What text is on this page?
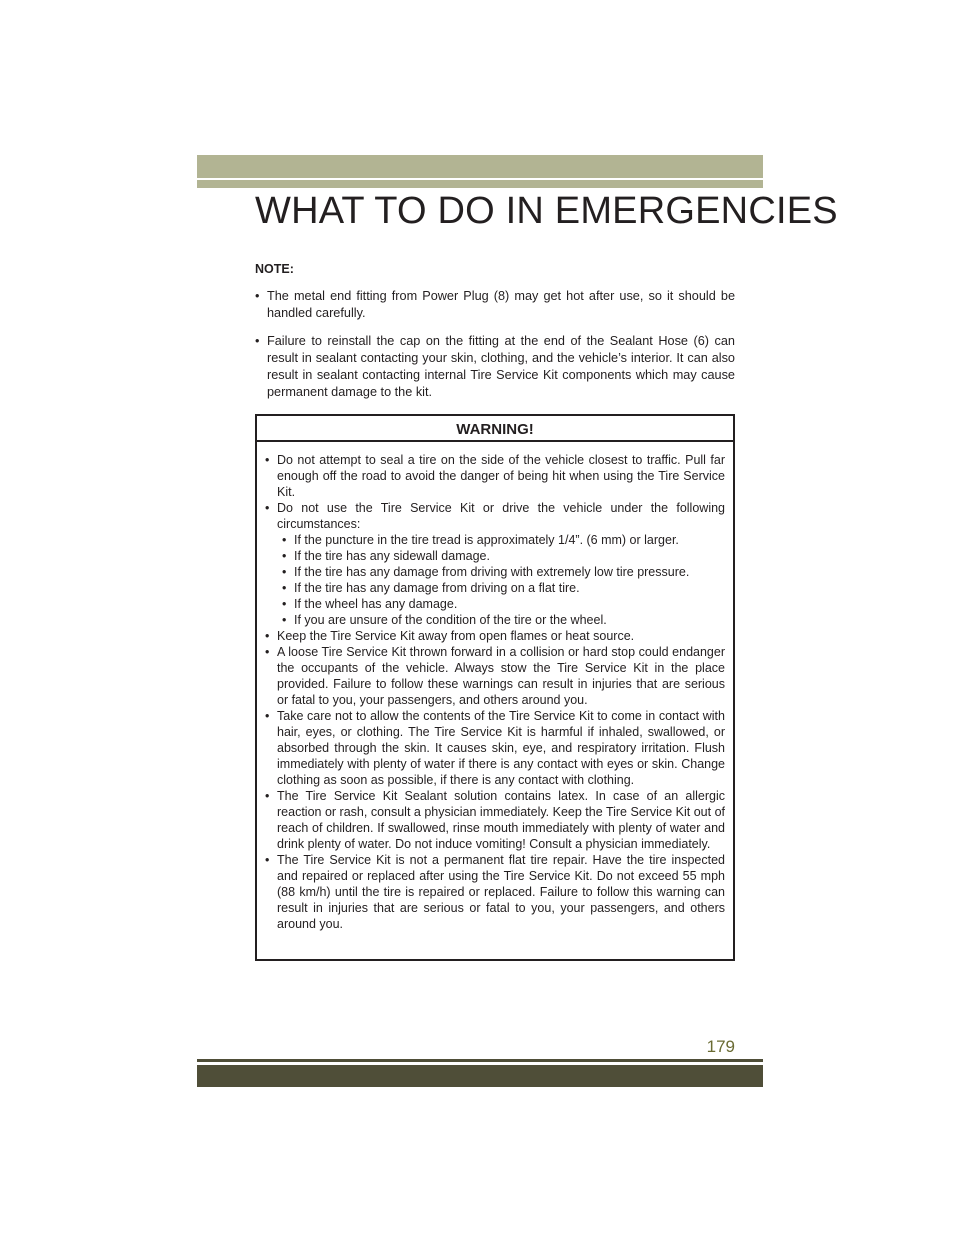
WHAT TO DO IN EMERGENCIES
NOTE:
• The metal end fitting from Power Plug (8) may get hot after use, so it should be handled carefully.
• Failure to reinstall the cap on the fitting at the end of the Sealant Hose (6) can result in sealant contacting your skin, clothing, and the vehicle’s interior. It can also result in sealant contacting internal Tire Service Kit components which may cause permanent damage to the kit.
WARNING!
• Do not attempt to seal a tire on the side of the vehicle closest to traffic. Pull far enough off the road to avoid the danger of being hit when using the Tire Service Kit.
• Do not use the Tire Service Kit or drive the vehicle under the following circumstances:
• If the puncture in the tire tread is approximately 1/4”. (6 mm) or larger.
• If the tire has any sidewall damage.
• If the tire has any damage from driving with extremely low tire pressure.
• If the tire has any damage from driving on a flat tire.
• If the wheel has any damage.
• If you are unsure of the condition of the tire or the wheel.
• Keep the Tire Service Kit away from open flames or heat source.
• A loose Tire Service Kit thrown forward in a collision or hard stop could endanger the occupants of the vehicle. Always stow the Tire Service Kit in the place provided. Failure to follow these warnings can result in injuries that are serious or fatal to you, your passengers, and others around you.
• Take care not to allow the contents of the Tire Service Kit to come in contact with hair, eyes, or clothing. The Tire Service Kit is harmful if inhaled, swallowed, or absorbed through the skin. It causes skin, eye, and respiratory irritation. Flush immediately with plenty of water if there is any contact with eyes or skin. Change clothing as soon as possible, if there is any contact with clothing.
• The Tire Service Kit Sealant solution contains latex. In case of an allergic reaction or rash, consult a physician immediately. Keep the Tire Service Kit out of reach of children. If swallowed, rinse mouth immediately with plenty of water and drink plenty of water. Do not induce vomiting! Consult a physician immediately.
• The Tire Service Kit is not a permanent flat tire repair. Have the tire inspected and repaired or replaced after using the Tire Service Kit. Do not exceed 55 mph (88 km/h) until the tire is repaired or replaced. Failure to follow this warning can result in injuries that are serious or fatal to you, your passengers, and others around you.
179
